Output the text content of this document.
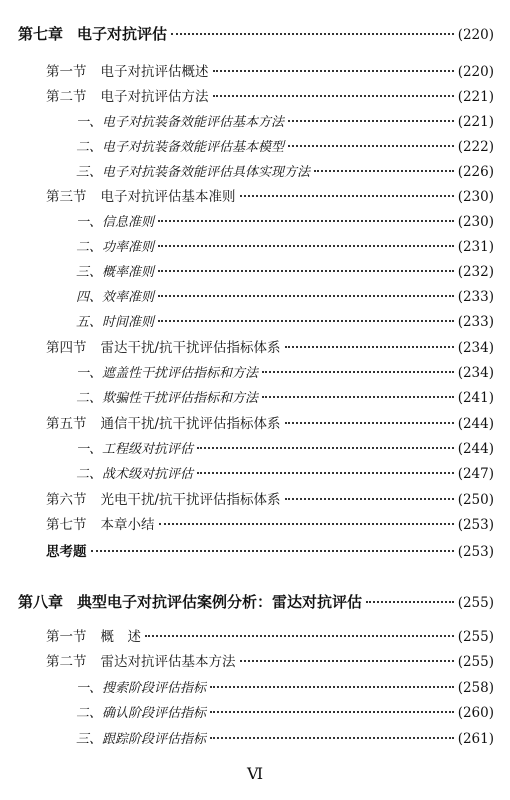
第七章 电子对抗评估	(220)
第一节 电子对抗评估概述	(220)
第二节 电子对抗评估方法	(221)
一、电子对抗装备效能评估基本方法	(221)
二、电子对抗装备效能评估基本模型	(222)
三、电子对抗装备效能评估具体实现方法	(226)
第三节 电子对抗评估基本准则	(230)
一、信息准则	(230)
二、功率准则	(231)
三、概率准则	(232)
四、效率准则	(233)
五、时间准则	(233)
第四节 雷达干扰/抗干扰评估指标体系	(234)
一、遮盖性干扰评估指标和方法	(234)
二、欺骗性干扰评估指标和方法	(241)
第五节 通信干扰/抗干扰评估指标体系	(244)
一、工程级对抗评估	(244)
二、战术级对抗评估	(247)
第六节 光电干扰/抗干扰评估指标体系	(250)
第七节 本章小结	(253)
思考题	(253)
第八章 典型电子对抗评估案例分析：雷达对抗评估	(255)
第一节 概　述	(255)
第二节 雷达对抗评估基本方法	(255)
一、搜索阶段评估指标	(258)
二、确认阶段评估指标	(260)
三、跟踪阶段评估指标	(261)
Ⅵ
